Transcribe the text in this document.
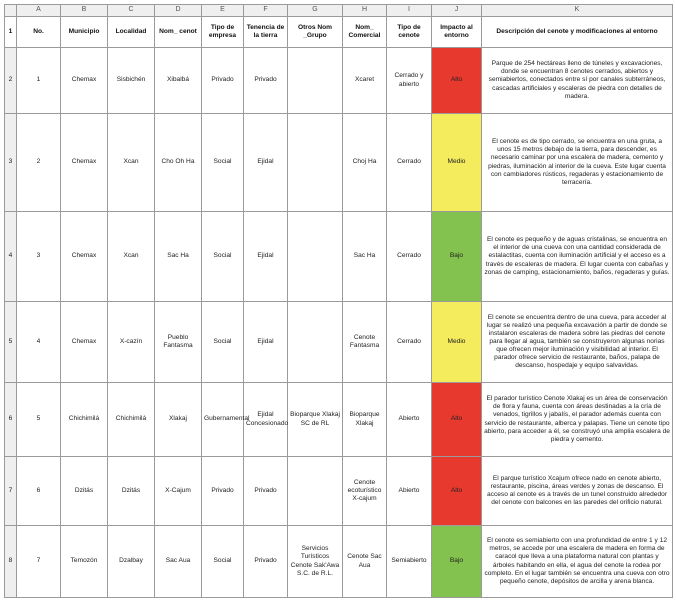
	A	B	C	D	E	F	G	H	I	J	K
1	No.	Municipio	Localidad	Nom_ cenot	Tipo de empresa	Tenencia de la tierra	Otros Nom _Grupo	Nom_ Comercial	Tipo de cenote	Impacto al entorno	Descripción del cenote y modificaciones al entorno
2	1	Chemax	Sisbichén	Xibalbá	Privado	Privado		Xcaret	Cerrado y abierto	Alto	Parque de 254 hectáreas lleno de túneles y excavaciones, donde se encuentran 8 cenotes cerrados, abiertos y semiabiertos, conectados entre sí por canales subterráneos, cascadas artificiales y escaleras de piedra con detalles de madera.
3	2	Chemax	Xcan	Cho Oh Ha	Social	Ejidal		Choj Ha	Cerrado	Medio	El cenote es de tipo cerrado, se encuentra en una gruta, a unos 15 metros debajo de la tierra, para descender, es necesario caminar por una escalera de madera, cemento y piedras, iluminación al interior de la cueva. Este lugar cuenta con cambiadores rústicos, regaderas y estacionamiento de terracería.
4	3	Chemax	Xcan	Sac Ha	Social	Ejidal		Sac Ha	Cerrado	Bajo	El cenote es pequeño y de aguas cristalinas, se encuentra en el interior de una cueva con una cantidad considerada de estalactitas, cuenta con iluminación artificial y el acceso es a través de escaleras de madera. El lugar cuenta con cabañas y zonas de camping, estacionamiento, baños, regaderas y guías.
5	4	Chemax	X-cazín	Pueblo Fantasma	Social	Ejidal		Cenote Fantasma	Cerrado	Medio	El cenote se encuentra dentro de una cueva, para acceder al lugar se realizó una pequeña excavación a partir de donde se instalaron escaleras de madera sobre las piedras del cenote para llegar al agua, también se construyeron algunas norias que ofrecen mejor iluminación y visibilidad al interior. El parador ofrece servicio de restaurante, baños, palapa de descanso, hospedaje y equipo salvavidas.
6	5	Chichimilá	Chichimilá	Xlakaj	Gubernamental	Ejidal Concesionado	Bioparque Xlakaj SC de RL	Bioparque Xlakaj	Abierto	Alto	El parador turístico Cenote Xlakaj es un área de conservación de flora y fauna, cuenta con áreas destinadas a la cría de venados, tigrillos y jabalís, el parador además cuenta con servicio de restaurante, alberca y palapas. Tiene un cenote tipo abierto, para acceder a él, se construyó una amplia escalera de piedra y cemento.
7	6	Dzitás	Dzitás	X-Cajum	Privado	Privado		Cenote ecoturístico X-cajum	Abierto	Alto	El parque turístico Xcajum ofrece nado en cenote abierto, restaurante, piscina, áreas verdes y zonas de descanso. El acceso al cenote es a través de un tunel construido alrededor del cenote con balcones en las paredes del orificio natural.
8	7	Temozón	Dzalbay	Sac Aua	Social	Privado	Servicios Turísticos Cenote Sak'Awa S.C. de R.L.	Cenote Sac Aua	Semiabierto	Bajo	El cenote es semiabierto con una profundidad de entre 1 y 12 metros, se accede por una escalera de madera en forma de caracol que lleva a una plataforma natural con plantas y árboles habitando en ella, el agua del cenote la rodea por completo. En el lugar también se encuentra una cueva con otro pequeño cenote, depósitos de arcilla y arena blanca.
